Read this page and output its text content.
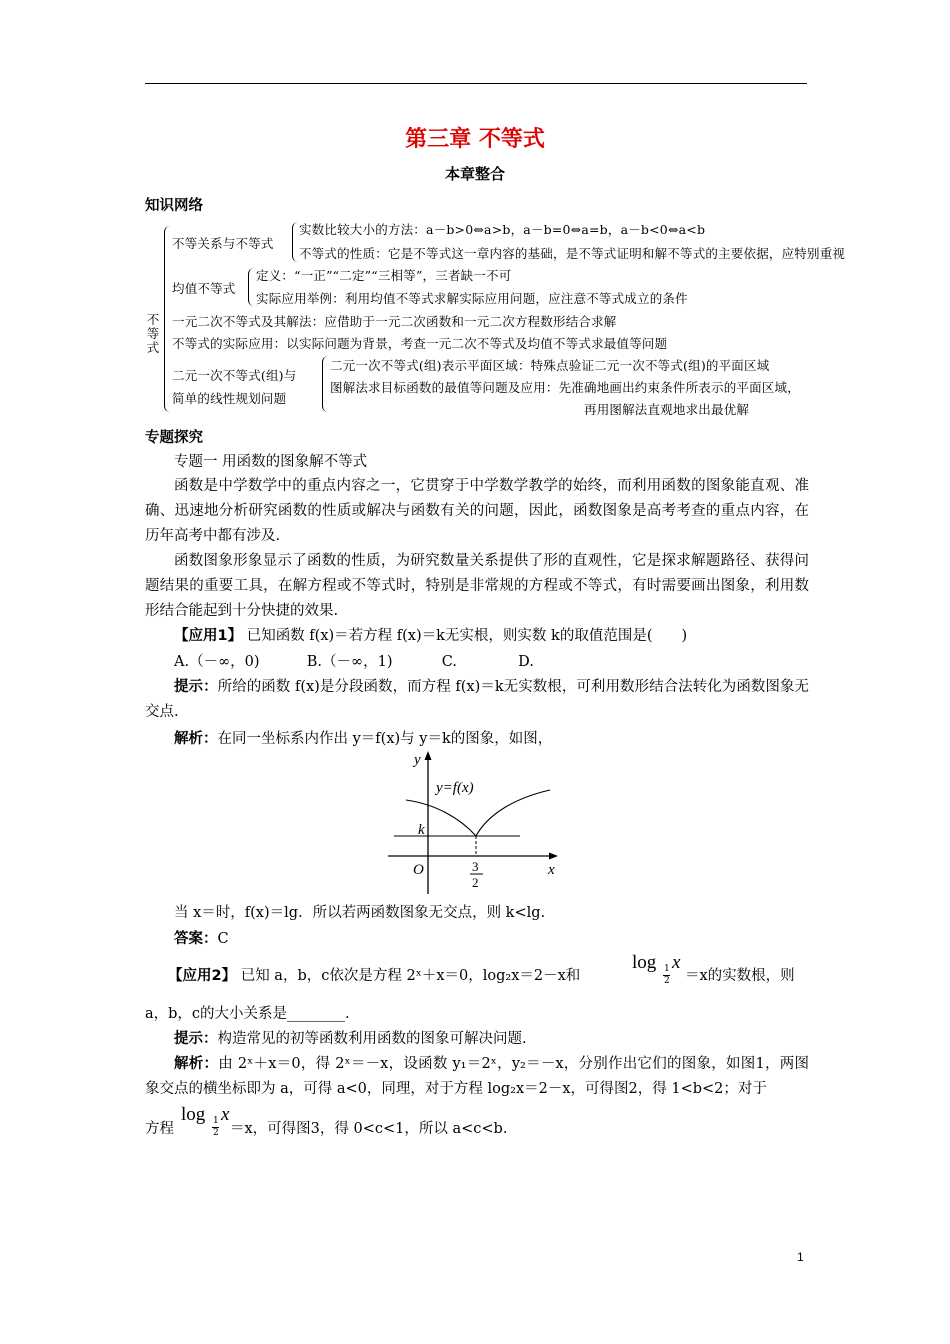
第三章 不等式
本章整合
知识网络
不等式
不等关系与不等式
实数比较大小的方法：a－b>0⇔a>b，a－b=0⇔a=b，a－b<0⇔a<b
不等式的性质：它是不等式这一章内容的基础，是不等式证明和解不等式的主要依据，应特别重视
均值不等式
定义：“一正”“二定”“三相等”，三者缺一不可
实际应用举例：利用均值不等式求解实际应用问题，应注意不等式成立的条件
一元二次不等式及其解法：应借助于一元二次函数和一元二次方程数形结合求解
不等式的实际应用：以实际问题为背景，考查一元二次不等式及均值不等式求最值等问题
二元一次不等式(组)与
简单的线性规划问题
二元一次不等式(组)表示平面区域：特殊点验证二元一次不等式(组)的平面区域
图解法求目标函数的最值等问题及应用：先准确地画出约束条件所表示的平面区域，
再用图解法直观地求出最优解
专题探究
专题一 用函数的图象解不等式
函数是中学数学中的重点内容之一，它贯穿于中学数学教学的始终，而利用函数的图象能直观、准确、迅速地分析研究函数的性质或解决与函数有关的问题，因此，函数图象是高考考查的重点内容，在历年高考中都有涉及.
函数图象形象显示了函数的性质，为研究数量关系提供了形的直观性，它是探求解题路径、获得问题结果的重要工具，在解方程或不等式时，特别是非常规的方程或不等式，有时需要画出图象，利用数形结合能起到十分快捷的效果.
【应用1】 已知函数 f(x)＝若方程 f(x)＝k无实根，则实数 k的取值范围是(　　)
A.（－∞，0)	B.（－∞，1)	C.	D.
提示：所给的函数 f(x)是分段函数，而方程 f(x)＝k无实数根，可利用数形结合法转化为函数图象无交点.
解析：在同一坐标系内作出 y＝f(x)与 y＝k的图象，如图，
y
x
O
y=f(x)
k
3
2
当 x＝时，f(x)＝lg．所以若两函数图象无交点，则 k<lg.
答案：C
【应用2】 已知 a，b，c依次是方程 2ˣ＋x＝0，log₂x＝2－x和
log 1
2
x
＝x的实数根，则
a，b，c的大小关系是________.
提示：构造常见的初等函数利用函数的图象可解决问题.
解析：由 2ˣ＋x＝0，得 2ˣ＝－x，设函数 y₁＝2ˣ，y₂＝－x，分别作出它们的图象，如图1，两图象交点的横坐标即为 a，可得 a<0，同理，对于方程 log₂x＝2－x，可得图2，得 1<b<2；对于
方程
log 1
2
x
＝x，可得图3，得 0<c<1，所以 a<c<b.
1
